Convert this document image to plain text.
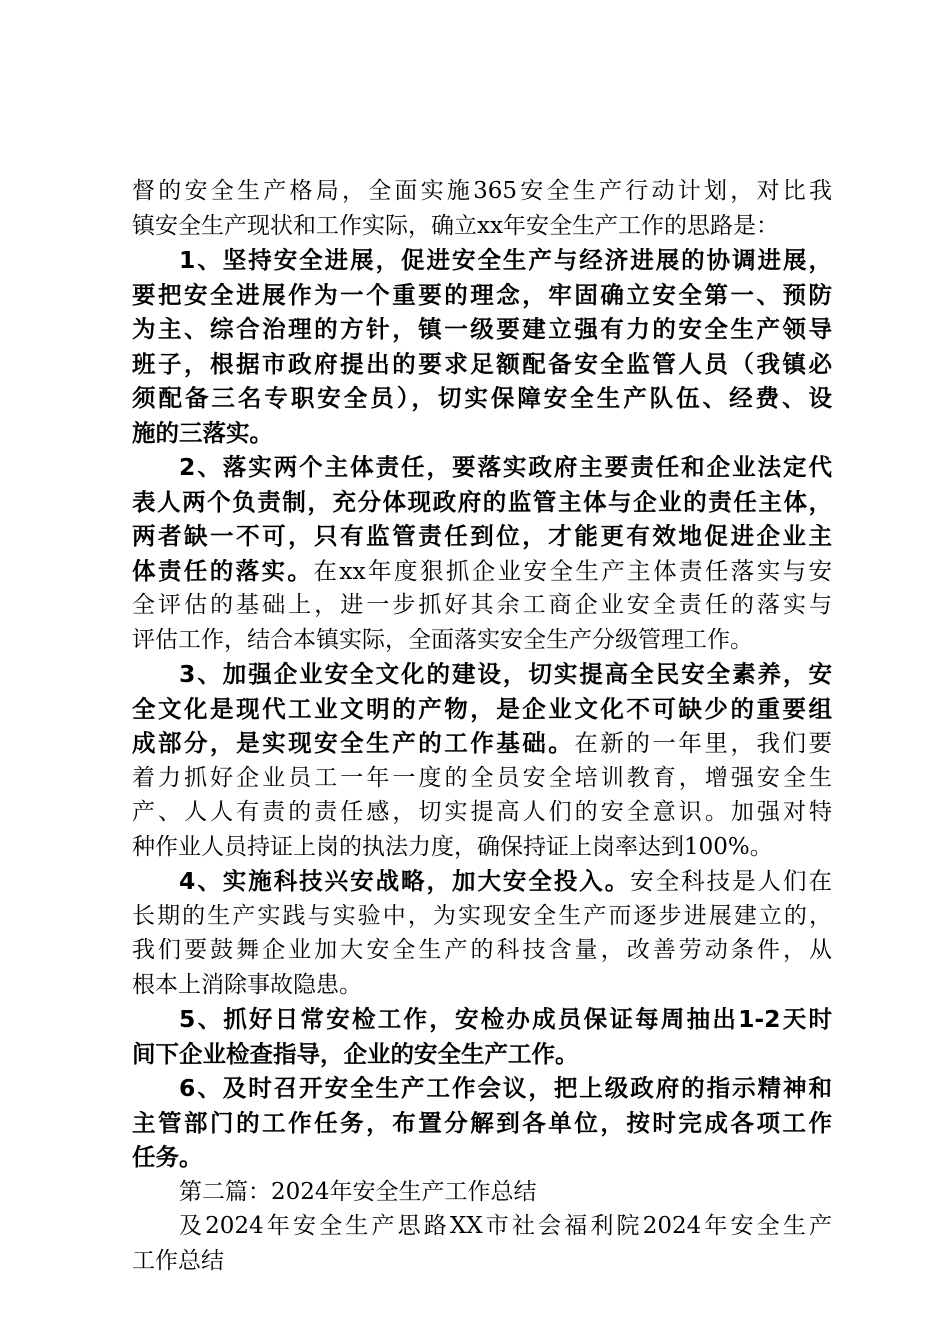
督的安全生产格局，全面实施365安全生产行动计划，对比我
镇安全生产现状和工作实际，确立xx年安全生产工作的思路是：
1、坚持安全进展，促进安全生产与经济进展的协调进展，
要把安全进展作为一个重要的理念，牢固确立安全第一、预防
为主、综合治理的方针，镇一级要建立强有力的安全生产领导
班子，根据市政府提出的要求足额配备安全监管人员（我镇必
须配备三名专职安全员），切实保障安全生产队伍、经费、设
施的三落实。
2、落实两个主体责任，要落实政府主要责任和企业法定代
表人两个负责制，充分体现政府的监管主体与企业的责任主体，
两者缺一不可，只有监管责任到位，才能更有效地促进企业主
体责任的落实。在xx年度狠抓企业安全生产主体责任落实与安
全评估的基础上，进一步抓好其余工商企业安全责任的落实与
评估工作，结合本镇实际，全面落实安全生产分级管理工作。
3、加强企业安全文化的建设，切实提高全民安全素养，安
全文化是现代工业文明的产物，是企业文化不可缺少的重要组
成部分，是实现安全生产的工作基础。在新的一年里，我们要
着力抓好企业员工一年一度的全员安全培训教育，增强安全生
产、人人有责的责任感，切实提高人们的安全意识。加强对特
种作业人员持证上岗的执法力度，确保持证上岗率达到100%。
4、实施科技兴安战略，加大安全投入。安全科技是人们在
长期的生产实践与实验中，为实现安全生产而逐步进展建立的，
我们要鼓舞企业加大安全生产的科技含量，改善劳动条件，从
根本上消除事故隐患。
5、抓好日常安检工作，安检办成员保证每周抽出1-2天时
间下企业检查指导，企业的安全生产工作。
6、及时召开安全生产工作会议，把上级政府的指示精神和
主管部门的工作任务，布置分解到各单位，按时完成各项工作
任务。
第二篇：2024年安全生产工作总结
及2024年安全生产思路XX市社会福利院2024年安全生产
工作总结
